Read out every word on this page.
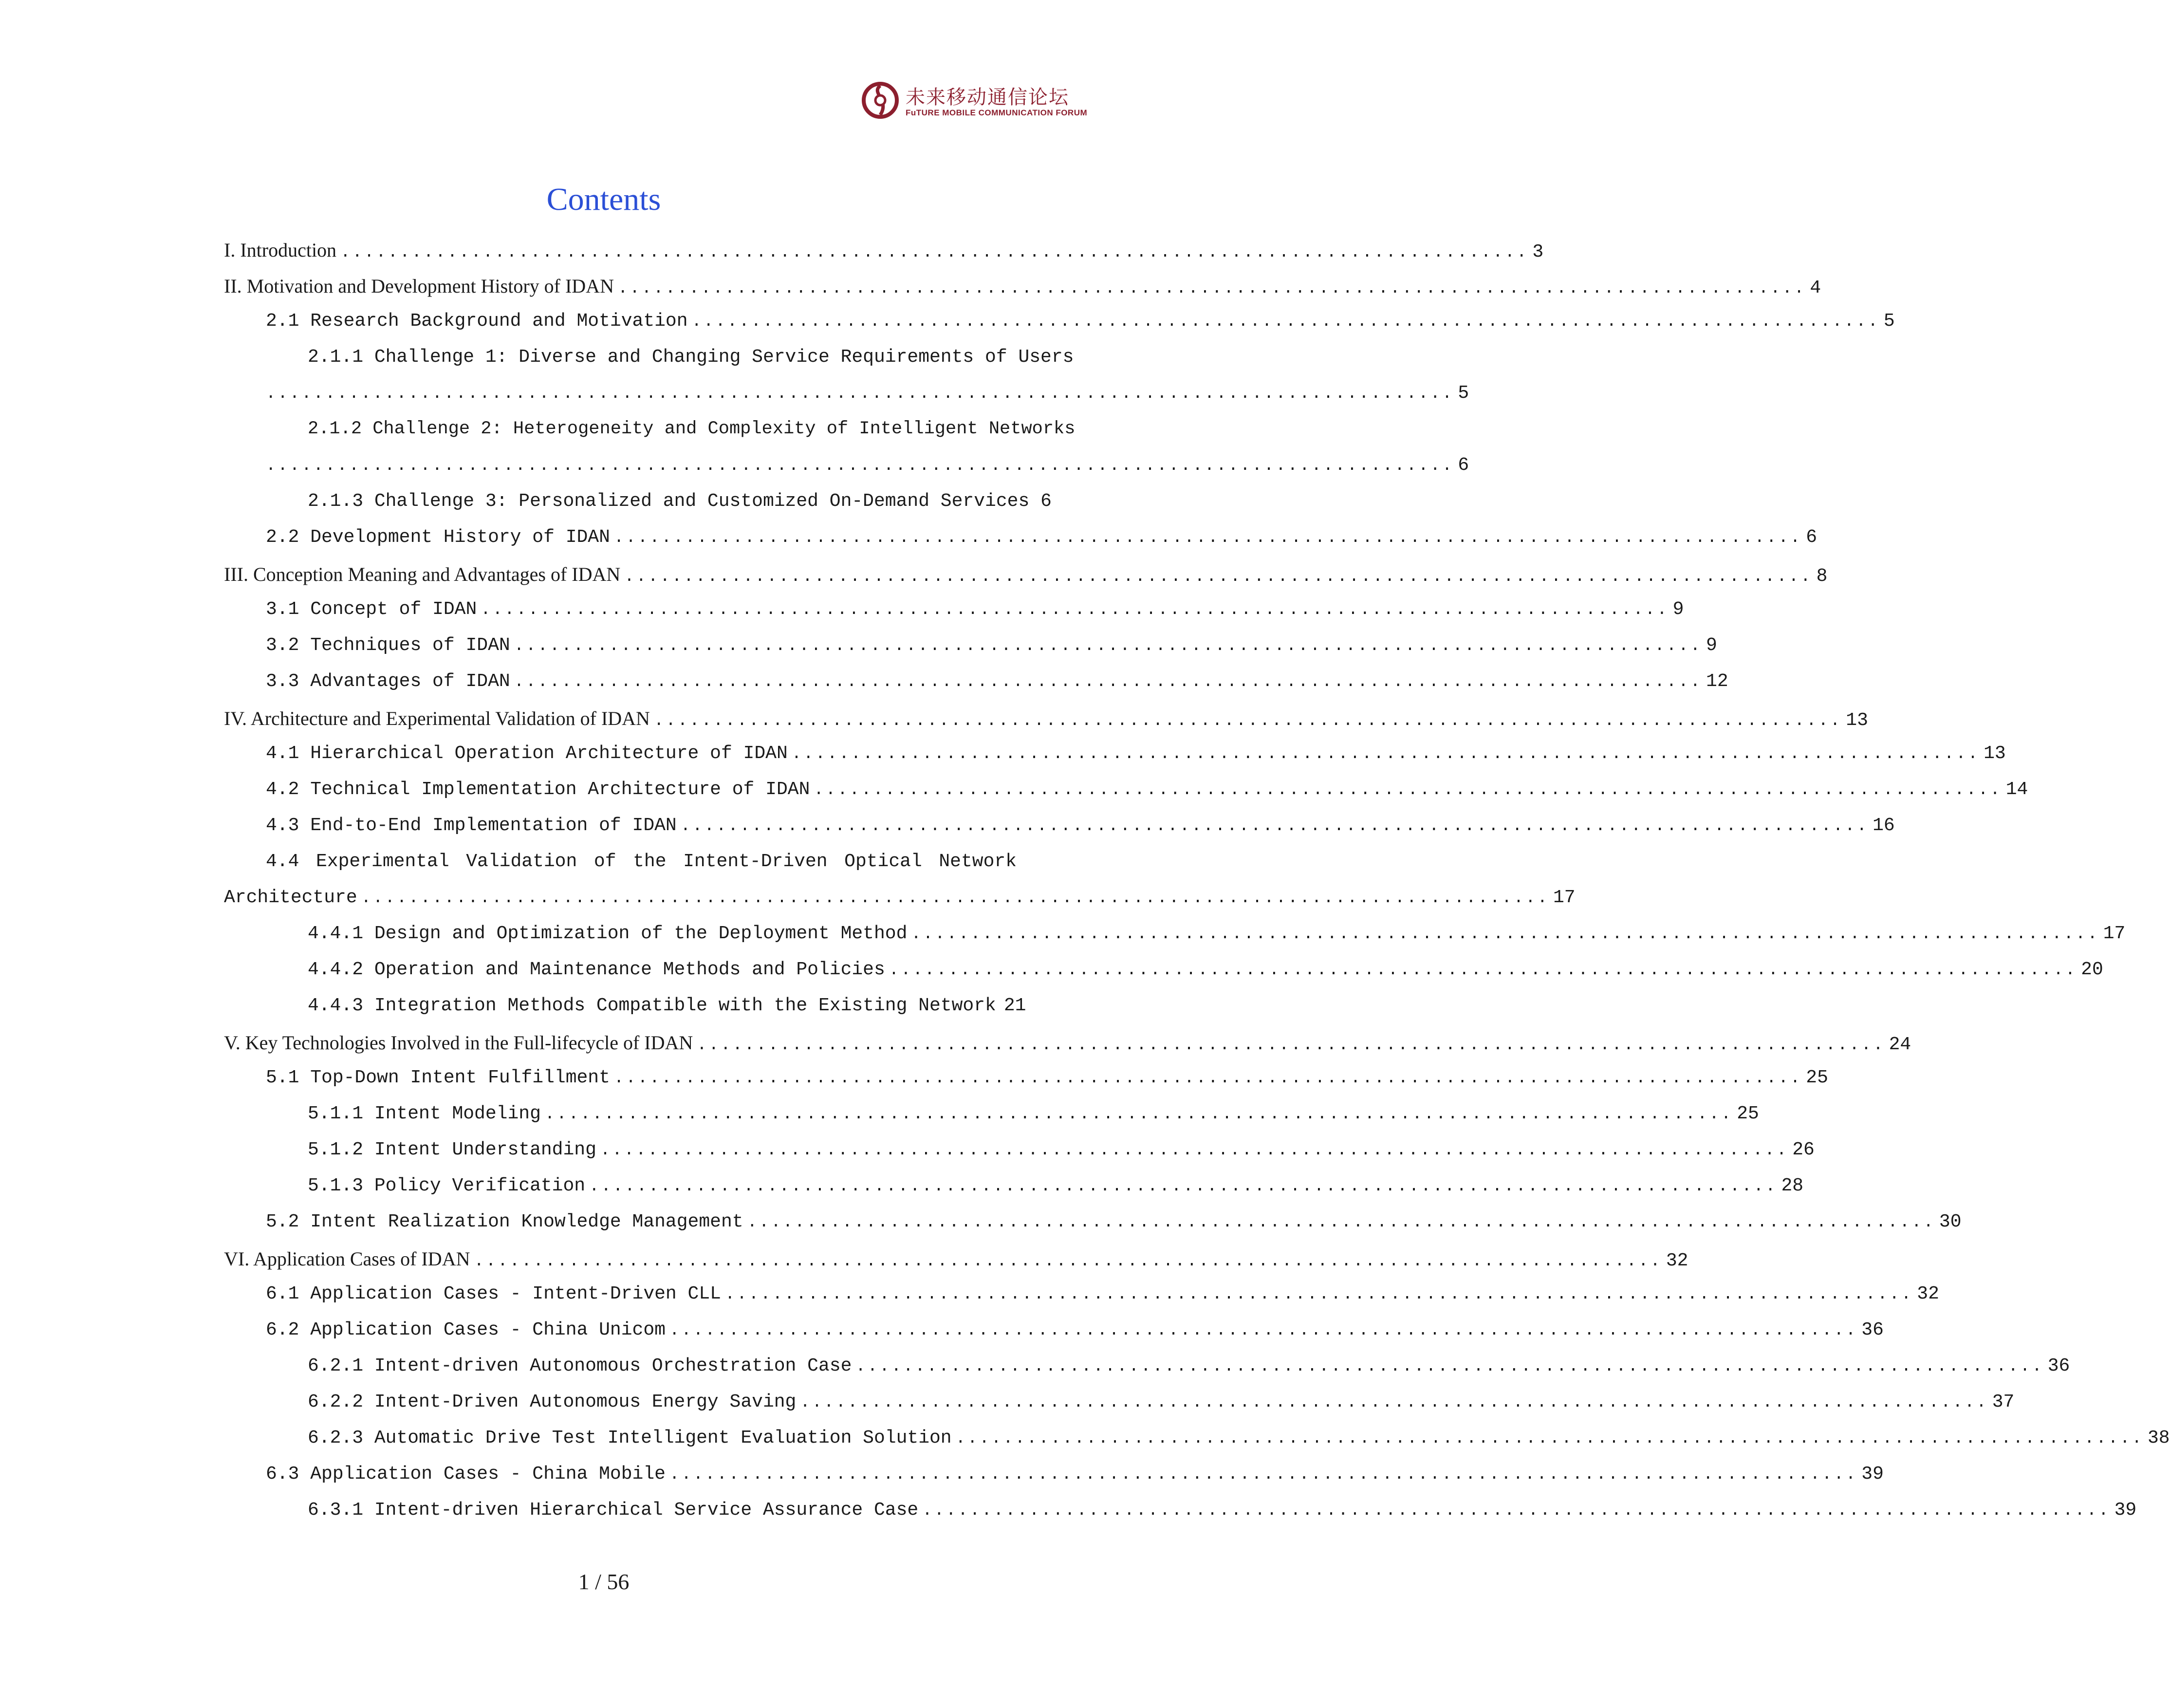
未来移动通信论坛
FuTURE MOBILE COMMUNICATION FORUM
Contents
I. Introduction .................................................................................................... 3
II. Motivation and Development History of IDAN .................................................................................................... 4
2.1 Research Background and Motivation .................................................................................................... 5
2.1.1 Challenge 1: Diverse and Changing Service Requirements of Users
.................................................................................................... 5
2.1.2 Challenge 2: Heterogeneity and Complexity of Intelligent Networks
.................................................................................................... 6
2.1.3 Challenge 3: Personalized and Customized On-Demand Services 6
2.2 Development History of IDAN .................................................................................................... 6
III. Conception Meaning and Advantages of IDAN .................................................................................................... 8
3.1 Concept of IDAN .................................................................................................... 9
3.2 Techniques of IDAN .................................................................................................... 9
3.3 Advantages of IDAN .................................................................................................... 12
IV. Architecture and Experimental Validation of IDAN .................................................................................................... 13
4.1 Hierarchical Operation Architecture of IDAN .................................................................................................... 13
4.2 Technical Implementation Architecture of IDAN .................................................................................................... 14
4.3 End-to-End Implementation of IDAN .................................................................................................... 16
4.4 Experimental Validation of the Intent-Driven Optical Network
Architecture .................................................................................................... 17
4.4.1 Design and Optimization of the Deployment Method .................................................................................................... 17
4.4.2 Operation and Maintenance Methods and Policies .................................................................................................... 20
4.4.3 Integration Methods Compatible with the Existing Network 21
V. Key Technologies Involved in the Full-lifecycle of IDAN .................................................................................................... 24
5.1 Top-Down Intent Fulfillment .................................................................................................... 25
5.1.1 Intent Modeling .................................................................................................... 25
5.1.2 Intent Understanding .................................................................................................... 26
5.1.3 Policy Verification .................................................................................................... 28
5.2 Intent Realization Knowledge Management .................................................................................................... 30
VI. Application Cases of IDAN .................................................................................................... 32
6.1 Application Cases - Intent-Driven CLL .................................................................................................... 32
6.2 Application Cases - China Unicom .................................................................................................... 36
6.2.1 Intent-driven Autonomous Orchestration Case .................................................................................................... 36
6.2.2 Intent-Driven Autonomous Energy Saving .................................................................................................... 37
6.2.3 Automatic Drive Test Intelligent Evaluation Solution .................................................................................................... 38
6.3 Application Cases - China Mobile .................................................................................................... 39
6.3.1 Intent-driven Hierarchical Service Assurance Case .................................................................................................... 39
1 / 56
